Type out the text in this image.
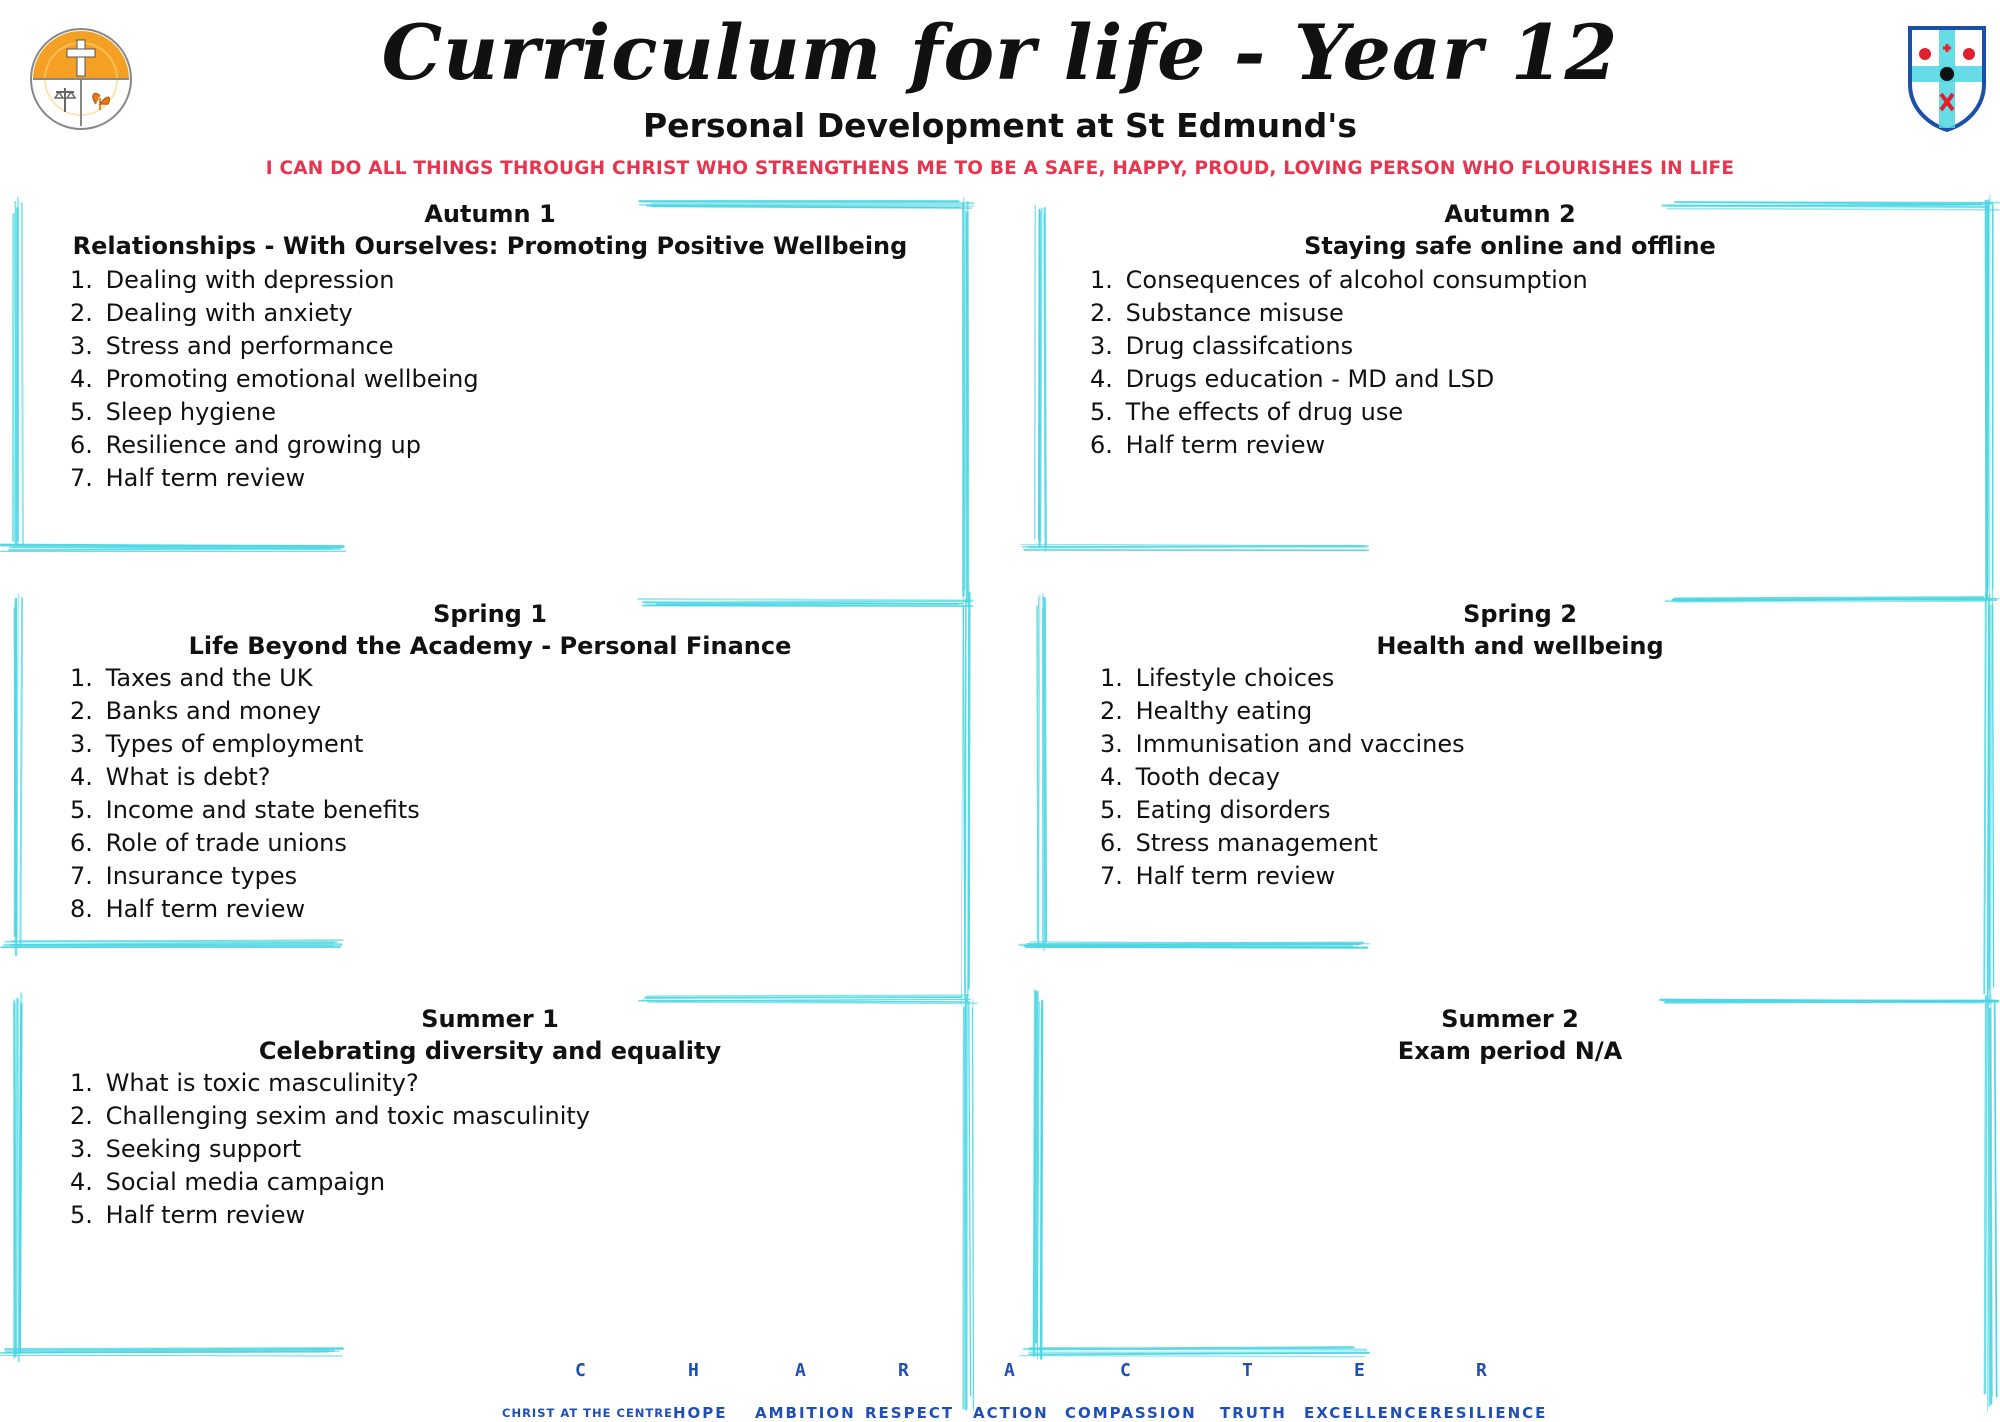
Curriculum for life - Year 12
Personal Development at St Edmund's
I CAN DO ALL THINGS THROUGH CHRIST WHO STRENGTHENS ME TO BE A SAFE, HAPPY, PROUD, LOVING PERSON WHO FLOURISHES IN LIFE
Autumn 1
Relationships - With Ourselves: Promoting Positive Wellbeing
1. Dealing with depression
2. Dealing with anxiety
3. Stress and performance
4. Promoting emotional wellbeing
5. Sleep hygiene
6. Resilience and growing up
7. Half term review
Autumn 2
Staying safe online and offline
1. Consequences of alcohol consumption
2. Substance misuse
3. Drug classifcations
4. Drugs education - MD and LSD
5. The effects of drug use
6. Half term review
Spring 1
Life Beyond the Academy - Personal Finance
1. Taxes and the UK
2. Banks and money
3. Types of employment
4. What is debt?
5. Income and state benefits
6. Role of trade unions
7. Insurance types
8. Half term review
Spring 2
Health and wellbeing
1. Lifestyle choices
2. Healthy eating
3. Immunisation and vaccines
4. Tooth decay
5. Eating disorders
6. Stress management
7. Half term review
Summer 1
Celebrating diversity and equality
1. What is toxic masculinity?
2. Challenging sexim and toxic masculinity
3. Seeking support
4. Social media campaign
5. Half term review
Summer 2
Exam period N/A
C	H	A	R	A	C	T	E	R
CHRIST AT THE CENTRE HOPE AMBITION RESPECT ACTION COMPASSION TRUTH EXCELLENCE RESILIENCE
